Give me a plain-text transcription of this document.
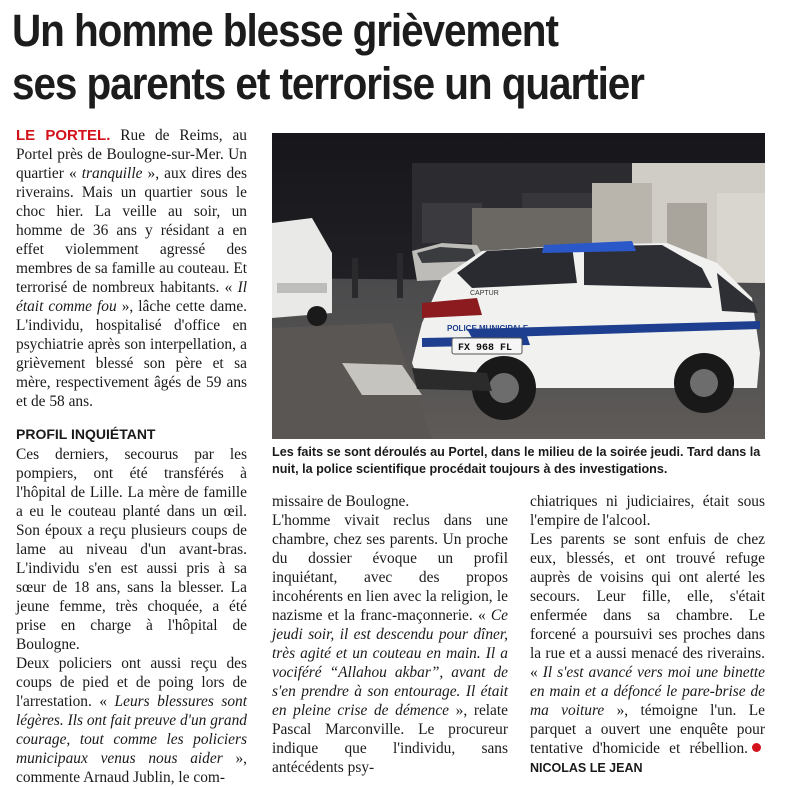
Un homme blesse grièvement
ses parents et terrorise un quartier

LE PORTEL. Rue de Reims, au Portel près de Boulogne-sur-Mer. Un quartier « tranquille », aux dires des riverains. Mais un quartier sous le choc hier. La veille au soir, un homme de 36 ans y résidant a en effet violemment agressé des membres de sa famille au couteau. Et terrorisé de nombreux habitants. « Il était comme fou », lâche cette dame. L'individu, hospitalisé d'office en psychiatrie après son interpellation, a grièvement blessé son père et sa mère, respectivement âgés de 59 ans et de 58 ans.

PROFIL INQUIÉTANT

Ces derniers, secourus par les pompiers, ont été transférés à l'hôpital de Lille. La mère de famille a eu le couteau planté dans un œil. Son époux a reçu plusieurs coups de lame au niveau d'un avant-bras. L'individu s'en est aussi pris à sa sœur de 18 ans, sans la blesser. La jeune femme, très choquée, a été prise en charge à l'hôpital de Boulogne.

Deux policiers ont aussi reçu des coups de pied et de poing lors de l'arrestation. « Leurs blessures sont légères. Ils ont fait preuve d'un grand courage, tout comme les policiers municipaux venus nous aider », commente Arnaud Jublin, le com-

CAPTUR
POLICE MUNICIPALE
FX 968 FL
Les faits se sont déroulés au Portel, dans le milieu de la soirée jeudi. Tard dans la nuit, la police scientifique procédait toujours à des investigations.

missaire de Boulogne.

L'homme vivait reclus dans une chambre, chez ses parents. Un proche du dossier évoque un profil inquiétant, avec des propos incohérents en lien avec la religion, le nazisme et la franc-maçonnerie. « Ce jeudi soir, il est descendu pour dîner, très agité et un couteau en main. Il a vociféré “Allahou akbar”, avant de s'en prendre à son entourage. Il était en pleine crise de démence », relate Pascal Marconville. Le procureur indique que l'individu, sans antécédents psy-

chiatriques ni judiciaires, était sous l'empire de l'alcool.

Les parents se sont enfuis de chez eux, blessés, et ont trouvé refuge auprès de voisins qui ont alerté les secours. Leur fille, elle, s'était enfermée dans sa chambre. Le forcené a poursuivi ses proches dans la rue et a aussi menacé des riverains. « Il s'est avancé vers moi une binette en main et a défoncé le pare-brise de ma voiture », témoigne l'un. Le parquet a ouvert une enquête pour tentative d'homicide et rébellion.NICOLAS LE JEAN
